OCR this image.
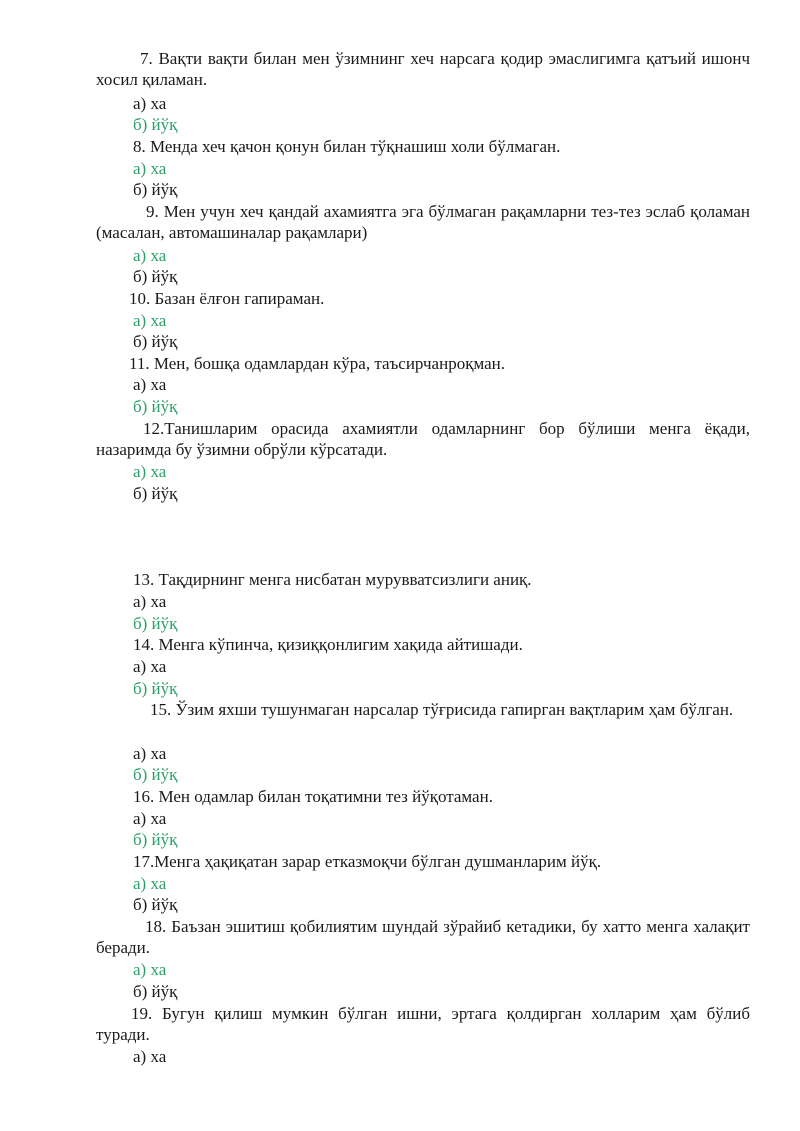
7. Вақти вақти билан мен ўзимнинг хеч нарсага қодир эмаслигимга қатъий ишонч хосил қиламан.
а) ха
б) йўқ
8. Менда хеч қачон қонун билан тўқнашиш холи бўлмаган.
а) ха
б) йўқ
9. Мен учун хеч қандай ахамиятга эга бўлмаган рақамларни тез-тез эслаб қоламан (масалан, автомашиналар рақамлари)
а) ха
б) йўқ
10. Базан ёлғон гапираман.
а) ха
б) йўқ
11. Мен, бошқа одамлардан кўра, таъсирчанроқман.
а) ха
б) йўқ
12.Танишларим орасида ахамиятли одамларнинг бор бўлиши менга ёқади, назаримда бу ўзимни обрўли кўрсатади.
а) ха
б) йўқ
13. Тақдирнинг менга нисбатан мурувватсизлиги аниқ.
а) ха
б) йўқ
14. Менга кўпинча, қизиққонлигим хақида айтишади.
а) ха
б) йўқ
15. Ўзим яхши тушунмаган нарсалар тўғрисида гапирган вақтларим ҳам бўлган.
а) ха
б) йўқ
16. Мен одамлар билан тоқатимни тез йўқотаман.
а) ха
б) йўқ
17.Менга ҳақиқатан зарар етказмоқчи бўлган душманларим йўқ.
а) ха
б) йўқ
18. Баъзан эшитиш қобилиятим шундай зўрайиб кетадики, бу хатто менга халақит беради.
а) ха
б) йўқ
19. Бугун қилиш мумкин бўлган ишни, эртага қолдирган холларим ҳам бўлиб туради.
а) ха
